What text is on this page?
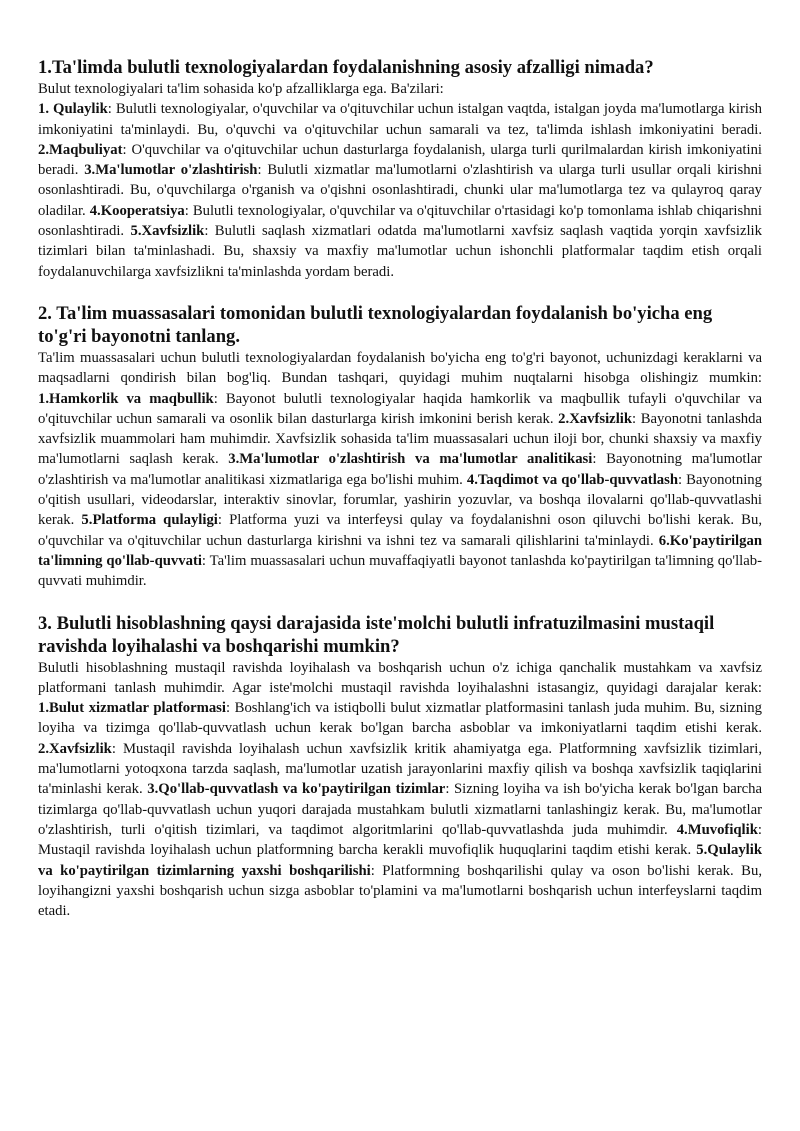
1.Ta'limda bulutli texnologiyalardan foydalanishning asosiy afzalligi nimada?

Bulut texnologiyalari ta'lim sohasida ko'p afzalliklarga ega. Ba'zilari:

1. Qulaylik: Bulutli texnologiyalar, o'quvchilar va o'qituvchilar uchun istalgan vaqtda, istalgan joyda ma'lumotlarga kirish imkoniyatini ta'minlaydi. Bu, o'quvchi va o'qituvchilar uchun samarali va tez, ta'limda ishlash imkoniyatini beradi. 2.Maqbuliyat: O'quvchilar va o'qituvchilar uchun dasturlarga foydalanish, ularga turli qurilmalardan kirish imkoniyatini beradi. 3.Ma'lumotlar o'zlashtirish: Bulutli xizmatlar ma'lumotlarni o'zlashtirish va ularga turli usullar orqali kirishni osonlashtiradi. Bu, o'quvchilarga o'rganish va o'qishni osonlashtiradi, chunki ular ma'lumotlarga tez va qulayroq qaray oladilar. 4.Kooperatsiya: Bulutli texnologiyalar, o'quvchilar va o'qituvchilar o'rtasidagi ko'p tomonlama ishlab chiqarishni osonlashtiradi. 5.Xavfsizlik: Bulutli saqlash xizmatlari odatda ma'lumotlarni xavfsiz saqlash vaqtida yorqin xavfsizlik tizimlari bilan ta'minlashadi. Bu, shaxsiy va maxfiy ma'lumotlar uchun ishonchli platformalar taqdim etish orqali foydalanuvchilarga xavfsizlikni ta'minlashda yordam beradi.

2. Ta'lim muassasalari tomonidan bulutli texnologiyalardan foydalanish bo'yicha eng to'g'ri bayonotni tanlang.

Ta'lim muassasalari uchun bulutli texnologiyalardan foydalanish bo'yicha eng to'g'ri bayonot, uchunizdagi keraklarni va maqsadlarni qondirish bilan bog'liq. Bundan tashqari, quyidagi muhim nuqtalarni hisobga olishingiz mumkin: 1.Hamkorlik va maqbullik: Bayonot bulutli texnologiyalar haqida hamkorlik va maqbullik tufayli o'quvchilar va o'qituvchilar uchun samarali va osonlik bilan dasturlarga kirish imkonini berish kerak. 2.Xavfsizlik: Bayonotni tanlashda xavfsizlik muammolari ham muhimdir. Xavfsizlik sohasida ta'lim muassasalari uchun iloji bor, chunki shaxsiy va maxfiy ma'lumotlarni saqlash kerak. 3.Ma'lumotlar o'zlashtirish va ma'lumotlar analitikasi: Bayonotning ma'lumotlar o'zlashtirish va ma'lumotlar analitikasi xizmatlariga ega bo'lishi muhim. 4.Taqdimot va qo'llab-quvvatlash: Bayonotning o'qitish usullari, videodarslar, interaktiv sinovlar, forumlar, yashirin yozuvlar, va boshqa ilovalarni qo'llab-quvvatlashi kerak. 5.Platforma qulayligi: Platforma yuzi va interfeysi qulay va foydalanishni oson qiluvchi bo'lishi kerak. Bu, o'quvchilar va o'qituvchilar uchun dasturlarga kirishni va ishni tez va samarali qilishlarini ta'minlaydi. 6.Ko'paytirilgan ta'limning qo'llab-quvvati: Ta'lim muassasalari uchun muvaffaqiyatli bayonot tanlashda ko'paytirilgan ta'limning qo'llab-quvvati muhimdir.

3. Bulutli hisoblashning qaysi darajasida iste'molchi bulutli infratuzilmasini mustaqil ravishda loyihalashi va boshqarishi mumkin?

Bulutli hisoblashning mustaqil ravishda loyihalash va boshqarish uchun o'z ichiga qanchalik mustahkam va xavfsiz platformani tanlash muhimdir. Agar iste'molchi mustaqil ravishda loyihalashni istasangiz, quyidagi darajalar kerak: 1.Bulut xizmatlar platformasi: Boshlang'ich va istiqbolli bulut xizmatlar platformasini tanlash juda muhim. Bu, sizning loyiha va tizimga qo'llab-quvvatlash uchun kerak bo'lgan barcha asboblar va imkoniyatlarni taqdim etishi kerak. 2.Xavfsizlik: Mustaqil ravishda loyihalash uchun xavfsizlik kritik ahamiyatga ega. Platformning xavfsizlik tizimlari, ma'lumotlarni yotoqxona tarzda saqlash, ma'lumotlar uzatish jarayonlarini maxfiy qilish va boshqa xavfsizlik taqiqlarini ta'minlashi kerak. 3.Qo'llab-quvvatlash va ko'paytirilgan tizimlar: Sizning loyiha va ish bo'yicha kerak bo'lgan barcha tizimlarga qo'llab-quvvatlash uchun yuqori darajada mustahkam bulutli xizmatlarni tanlashingiz kerak. Bu, ma'lumotlar o'zlashtirish, turli o'qitish tizimlari, va taqdimot algoritmlarini qo'llab-quvvatlashda juda muhimdir. 4.Muvofiqlik: Mustaqil ravishda loyihalash uchun platformning barcha kerakli muvofiqlik huquqlarini taqdim etishi kerak. 5.Qulaylik va ko'paytirilgan tizimlarning yaxshi boshqarilishi: Platformning boshqarilishi qulay va oson bo'lishi kerak. Bu, loyihangizni yaxshi boshqarish uchun sizga asboblar to'plamini va ma'lumotlarni boshqarish uchun interfeyslarni taqdim etadi.
